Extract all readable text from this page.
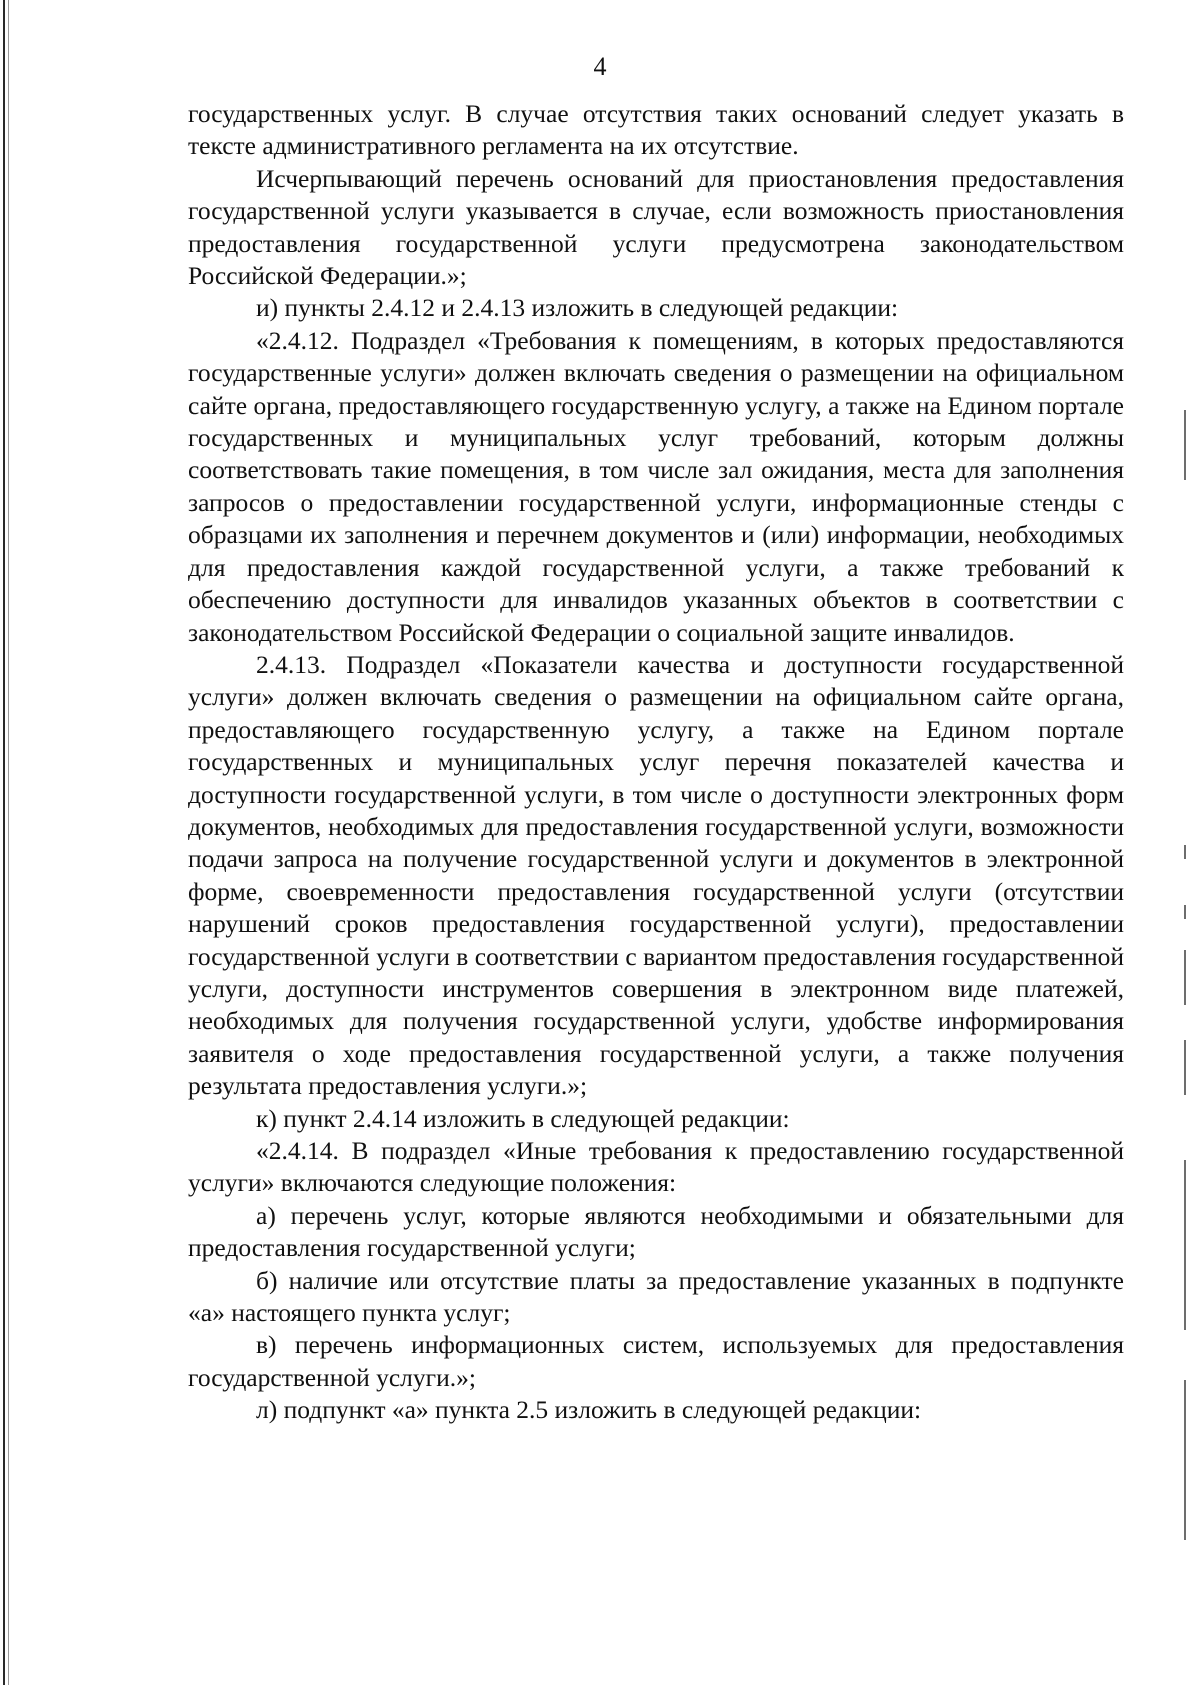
4

государственных услуг. В случае отсутствия таких оснований следует указать в тексте административного регламента на их отсутствие.

Исчерпывающий перечень оснований для приостановления предоставления государственной услуги указывается в случае, если возможность приостановления предоставления государственной услуги предусмотрена законодательством Российской Федерации.»;

и) пункты 2.4.12 и 2.4.13 изложить в следующей редакции:

«2.4.12. Подраздел «Требования к помещениям, в которых предоставляются государственные услуги» должен включать сведения о размещении на официальном сайте органа, предоставляющего государственную услугу, а также на Едином портале государственных и муниципальных услуг требований, которым должны соответствовать такие помещения, в том числе зал ожидания, места для заполнения запросов о предоставлении государственной услуги, информационные стенды с образцами их заполнения и перечнем документов и (или) информации, необходимых для предоставления каждой государственной услуги, а также требований к обеспечению доступности для инвалидов указанных объектов в соответствии с законодательством Российской Федерации о социальной защите инвалидов.

2.4.13. Подраздел «Показатели качества и доступности государственной услуги» должен включать сведения о размещении на официальном сайте органа, предоставляющего государственную услугу, а также на Едином портале государственных и муниципальных услуг перечня показателей качества и доступности государственной услуги, в том числе о доступности электронных форм документов, необходимых для предоставления государственной услуги, возможности подачи запроса на получение государственной услуги и документов в электронной форме, своевременности предоставления государственной услуги (отсутствии нарушений сроков предоставления государственной услуги), предоставлении государственной услуги в соответствии с вариантом предоставления государственной услуги, доступности инструментов совершения в электронном виде платежей, необходимых для получения государственной услуги, удобстве информирования заявителя о ходе предоставления государственной услуги, а также получения результата предоставления услуги.»;

к) пункт 2.4.14 изложить в следующей редакции:

«2.4.14. В подраздел «Иные требования к предоставлению государственной услуги» включаются следующие положения:

а) перечень услуг, которые являются необходимыми и обязательными для предоставления государственной услуги;

б) наличие или отсутствие платы за предоставление указанных в подпункте «а» настоящего пункта услуг;

в) перечень информационных систем, используемых для предоставления государственной услуги.»;

л) подпункт «а» пункта 2.5 изложить в следующей редакции:
